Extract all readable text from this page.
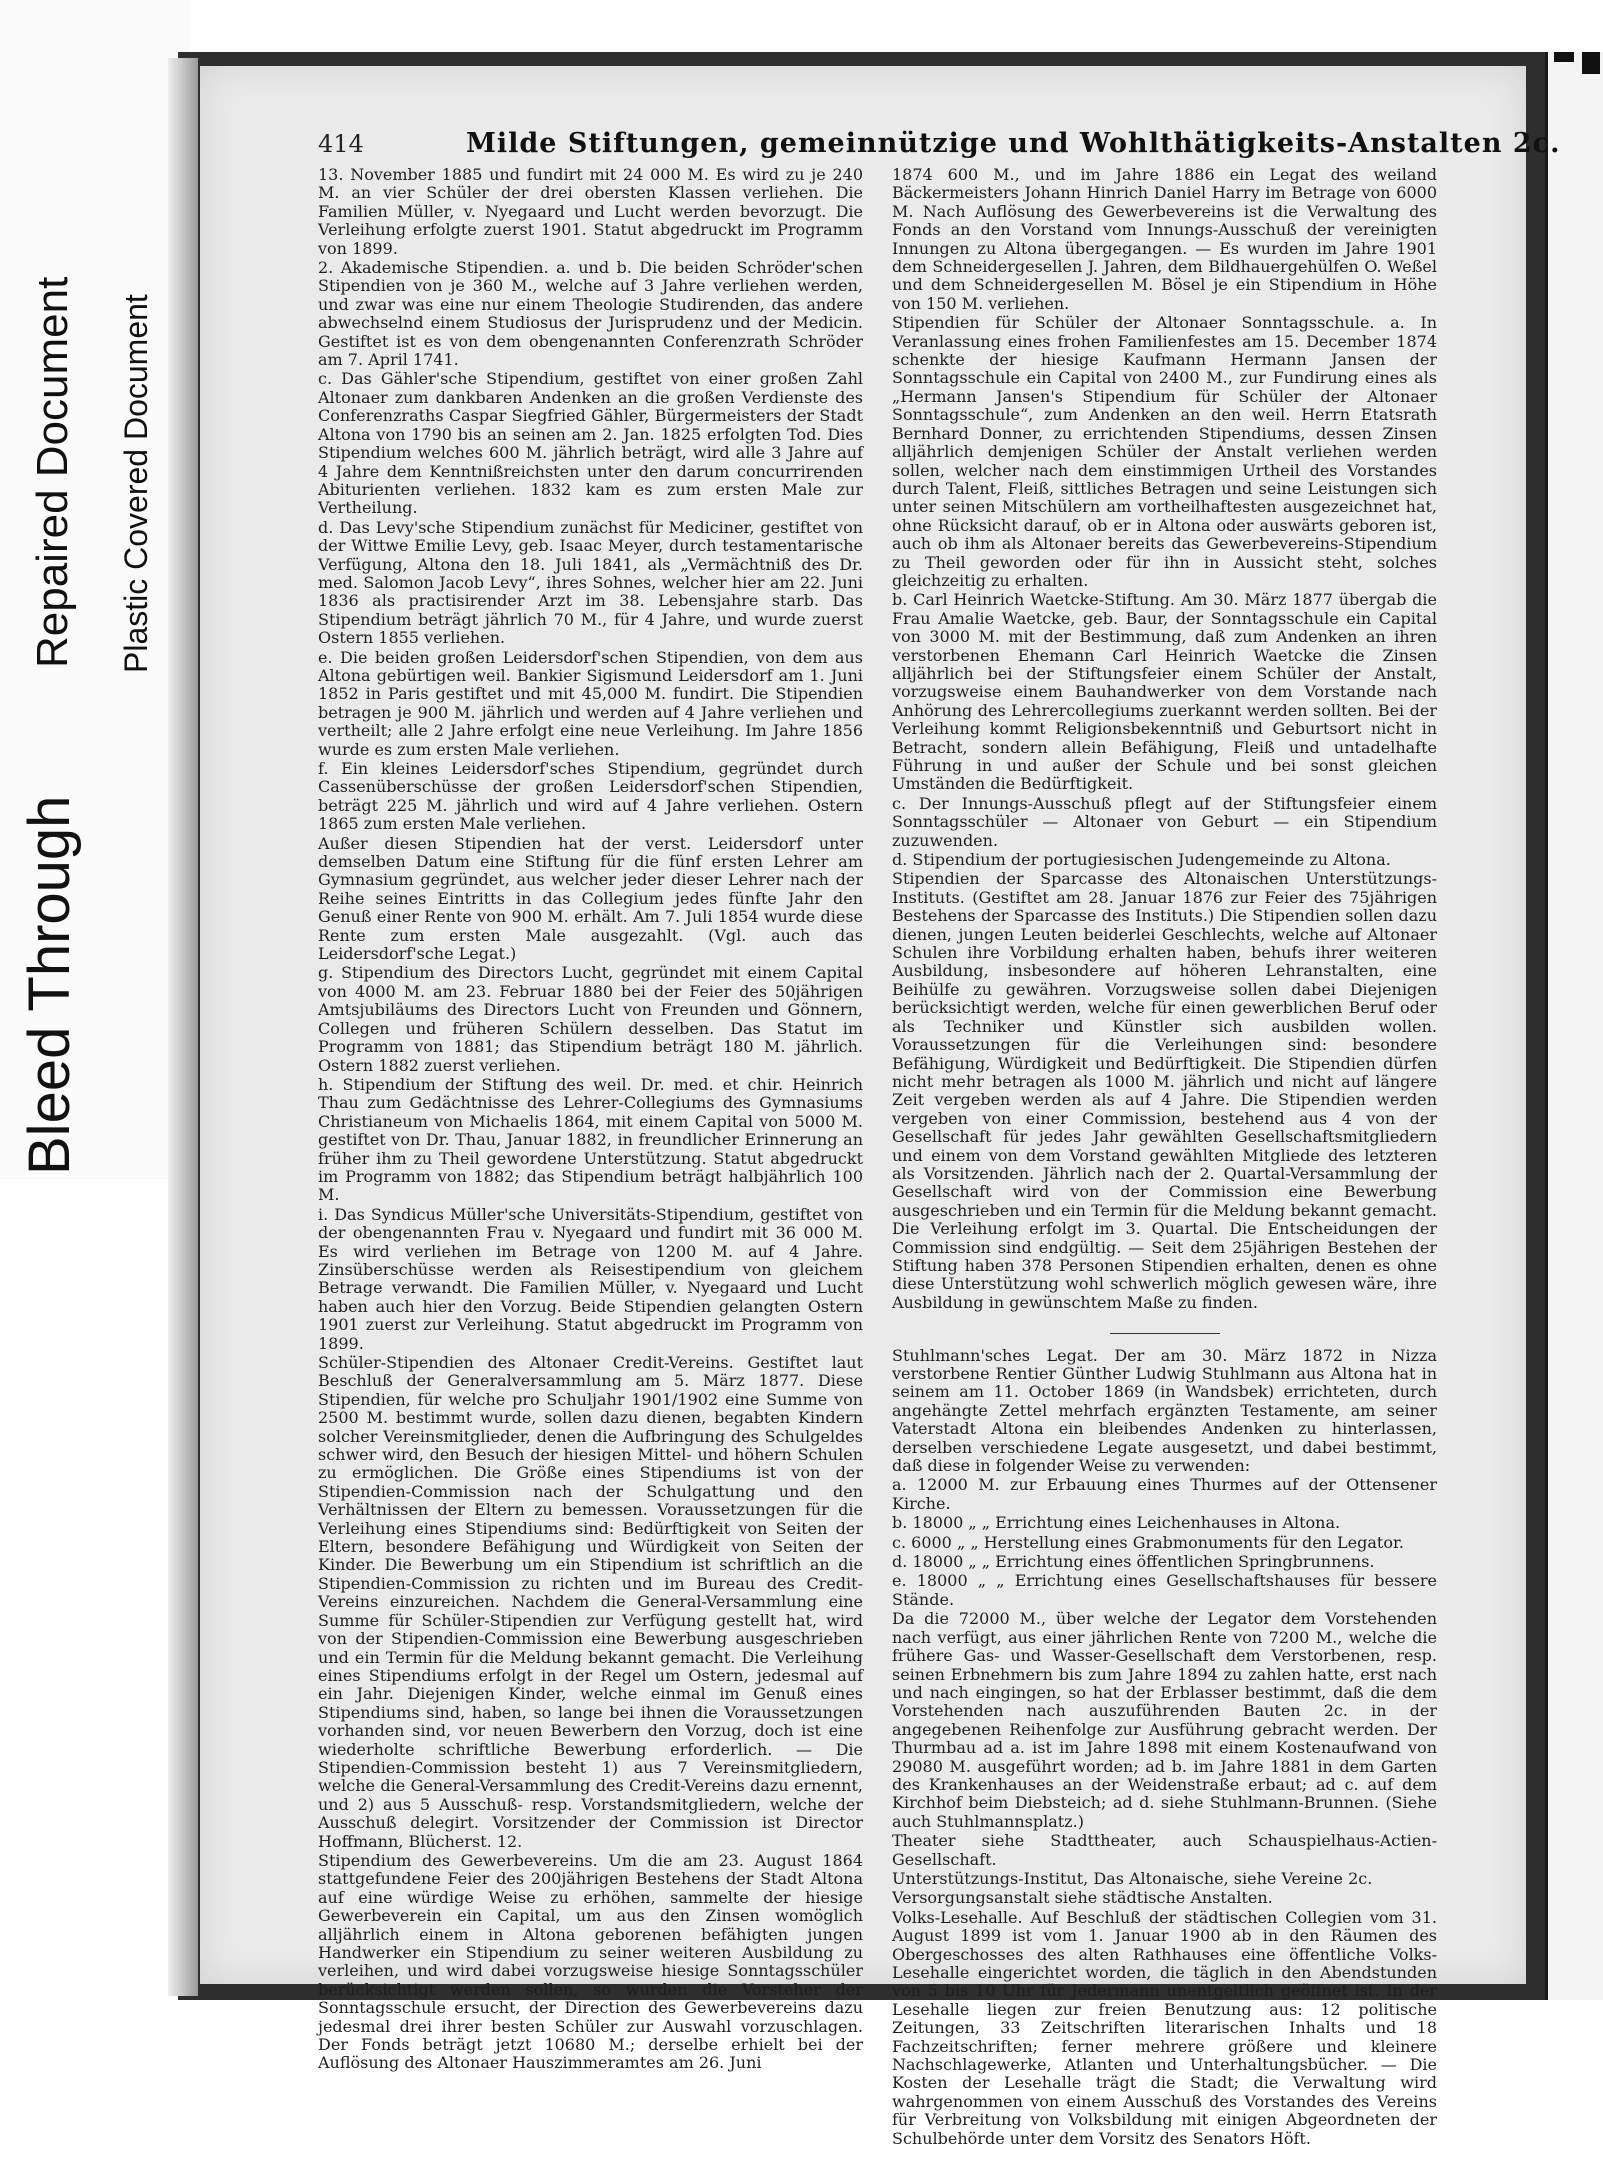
Bleed Through
Repaired Document Plastic Covered Document
414	Milde Stiftungen, gemeinnützige und Wohlthätigkeits-Anstalten 2c.

13. November 1885 und fundirt mit 24 000 M. Es wird zu je 240 M. an vier Schüler der drei obersten Klassen verliehen. Die Familien Müller, v. Nyegaard und Lucht werden bevorzugt. Die Verleihung erfolgte zuerst 1901. Statut abgedruckt im Programm von 1899.

2. Akademische Stipendien. a. und b. Die beiden Schröder'schen Stipendien von je 360 M., welche auf 3 Jahre verliehen werden, und zwar was eine nur einem Theologie Studirenden, das andere abwechselnd einem Studiosus der Jurisprudenz und der Medicin. Gestiftet ist es von dem obengenannten Conferenzrath Schröder am 7. April 1741.

c. Das Gähler'sche Stipendium, gestiftet von einer großen Zahl Altonaer zum dankbaren Andenken an die großen Verdienste des Conferenzraths Caspar Siegfried Gähler, Bürgermeisters der Stadt Altona von 1790 bis an seinen am 2. Jan. 1825 erfolgten Tod. Dies Stipendium welches 600 M. jährlich beträgt, wird alle 3 Jahre auf 4 Jahre dem Kenntnißreichsten unter den darum concurrirenden Abiturienten verliehen. 1832 kam es zum ersten Male zur Vertheilung.

d. Das Levy'sche Stipendium zunächst für Mediciner, gestiftet von der Wittwe Emilie Levy, geb. Isaac Meyer, durch testamentarische Verfügung, Altona den 18. Juli 1841, als „Vermächtniß des Dr. med. Salomon Jacob Levy“, ihres Sohnes, welcher hier am 22. Juni 1836 als practisirender Arzt im 38. Lebensjahre starb. Das Stipendium beträgt jährlich 70 M., für 4 Jahre, und wurde zuerst Ostern 1855 verliehen.

e. Die beiden großen Leidersdorf'schen Stipendien, von dem aus Altona gebürtigen weil. Bankier Sigismund Leidersdorf am 1. Juni 1852 in Paris gestiftet und mit 45,000 M. fundirt. Die Stipendien betragen je 900 M. jährlich und werden auf 4 Jahre verliehen und vertheilt; alle 2 Jahre erfolgt eine neue Verleihung. Im Jahre 1856 wurde es zum ersten Male verliehen.

f. Ein kleines Leidersdorf'sches Stipendium, gegründet durch Cassenüberschüsse der großen Leidersdorf'schen Stipendien, beträgt 225 M. jährlich und wird auf 4 Jahre verliehen. Ostern 1865 zum ersten Male verliehen.

Außer diesen Stipendien hat der verst. Leidersdorf unter demselben Datum eine Stiftung für die fünf ersten Lehrer am Gymnasium gegründet, aus welcher jeder dieser Lehrer nach der Reihe seines Eintritts in das Collegium jedes fünfte Jahr den Genuß einer Rente von 900 M. erhält. Am 7. Juli 1854 wurde diese Rente zum ersten Male ausgezahlt. (Vgl. auch das Leidersdorf'sche Legat.)

g. Stipendium des Directors Lucht, gegründet mit einem Capital von 4000 M. am 23. Februar 1880 bei der Feier des 50jährigen Amtsjubiläums des Directors Lucht von Freunden und Gönnern, Collegen und früheren Schülern desselben. Das Statut im Programm von 1881; das Stipendium beträgt 180 M. jährlich. Ostern 1882 zuerst verliehen.

h. Stipendium der Stiftung des weil. Dr. med. et chir. Heinrich Thau zum Gedächtnisse des Lehrer-Collegiums des Gymnasiums Christianeum von Michaelis 1864, mit einem Capital von 5000 M. gestiftet von Dr. Thau, Januar 1882, in freundlicher Erinnerung an früher ihm zu Theil gewordene Unterstützung. Statut abgedruckt im Programm von 1882; das Stipendium beträgt halbjährlich 100 M.

i. Das Syndicus Müller'sche Universitäts-Stipendium, gestiftet von der obengenannten Frau v. Nyegaard und fundirt mit 36 000 M. Es wird verliehen im Betrage von 1200 M. auf 4 Jahre. Zinsüberschüsse werden als Reisestipendium von gleichem Betrage verwandt. Die Familien Müller, v. Nyegaard und Lucht haben auch hier den Vorzug. Beide Stipendien gelangten Ostern 1901 zuerst zur Verleihung. Statut abgedruckt im Programm von 1899.

Schüler-Stipendien des Altonaer Credit-Vereins. Gestiftet laut Beschluß der Generalversammlung am 5. März 1877. Diese Stipendien, für welche pro Schuljahr 1901/1902 eine Summe von 2500 M. bestimmt wurde, sollen dazu dienen, begabten Kindern solcher Vereinsmitglieder, denen die Aufbringung des Schulgeldes schwer wird, den Besuch der hiesigen Mittel- und höhern Schulen zu ermöglichen. Die Größe eines Stipendiums ist von der Stipendien-Commission nach der Schulgattung und den Verhältnissen der Eltern zu bemessen. Voraussetzungen für die Verleihung eines Stipendiums sind: Bedürftigkeit von Seiten der Eltern, besondere Befähigung und Würdigkeit von Seiten der Kinder. Die Bewerbung um ein Stipendium ist schriftlich an die Stipendien-Commission zu richten und im Bureau des Credit-Vereins einzureichen. Nachdem die General-Versammlung eine Summe für Schüler-Stipendien zur Verfügung gestellt hat, wird von der Stipendien-Commission eine Bewerbung ausgeschrieben und ein Termin für die Meldung bekannt gemacht. Die Verleihung eines Stipendiums erfolgt in der Regel um Ostern, jedesmal auf ein Jahr. Diejenigen Kinder, welche einmal im Genuß eines Stipendiums sind, haben, so lange bei ihnen die Voraussetzungen vorhanden sind, vor neuen Bewerbern den Vorzug, doch ist eine wiederholte schriftliche Bewerbung erforderlich. — Die Stipendien-Commission besteht 1) aus 7 Vereinsmitgliedern, welche die General-Versammlung des Credit-Vereins dazu ernennt, und 2) aus 5 Ausschuß- resp. Vorstandsmitgliedern, welche der Ausschuß delegirt. Vorsitzender der Commission ist Director Hoffmann, Blücherst. 12.

Stipendium des Gewerbevereins. Um die am 23. August 1864 stattgefundene Feier des 200jährigen Bestehens der Stadt Altona auf eine würdige Weise zu erhöhen, sammelte der hiesige Gewerbeverein ein Capital, um aus den Zinsen womöglich alljährlich einem in Altona geborenen befähigten jungen Handwerker ein Stipendium zu seiner weiteren Ausbildung zu verleihen, und wird dabei vorzugsweise hiesige Sonntagsschüler berücksichtigt werden sollen, so wurden die Vorsteher der Sonntagsschule ersucht, der Direction des Gewerbevereins dazu jedesmal drei ihrer besten Schüler zur Auswahl vorzuschlagen. Der Fonds beträgt jetzt 10680 M.; derselbe erhielt bei der Auflösung des Altonaer Hauszimmeramtes am 26. Juni

1874 600 M., und im Jahre 1886 ein Legat des weiland Bäckermeisters Johann Hinrich Daniel Harry im Betrage von 6000 M. Nach Auflösung des Gewerbevereins ist die Verwaltung des Fonds an den Vorstand vom Innungs-Ausschuß der vereinigten Innungen zu Altona übergegangen. — Es wurden im Jahre 1901 dem Schneidergesellen J. Jahren, dem Bildhauergehülfen O. Weßel und dem Schneidergesellen M. Bösel je ein Stipendium in Höhe von 150 M. verliehen.

Stipendien für Schüler der Altonaer Sonntagsschule. a. In Veranlassung eines frohen Familienfestes am 15. December 1874 schenkte der hiesige Kaufmann Hermann Jansen der Sonntagsschule ein Capital von 2400 M., zur Fundirung eines als „Hermann Jansen's Stipendium für Schüler der Altonaer Sonntagsschule“, zum Andenken an den weil. Herrn Etatsrath Bernhard Donner, zu errichtenden Stipendiums, dessen Zinsen alljährlich demjenigen Schüler der Anstalt verliehen werden sollen, welcher nach dem einstimmigen Urtheil des Vorstandes durch Talent, Fleiß, sittliches Betragen und seine Leistungen sich unter seinen Mitschülern am vortheilhaftesten ausgezeichnet hat, ohne Rücksicht darauf, ob er in Altona oder auswärts geboren ist, auch ob ihm als Altonaer bereits das Gewerbevereins-Stipendium zu Theil geworden oder für ihn in Aussicht steht, solches gleichzeitig zu erhalten.

b. Carl Heinrich Waetcke-Stiftung. Am 30. März 1877 übergab die Frau Amalie Waetcke, geb. Baur, der Sonntagsschule ein Capital von 3000 M. mit der Bestimmung, daß zum Andenken an ihren verstorbenen Ehemann Carl Heinrich Waetcke die Zinsen alljährlich bei der Stiftungsfeier einem Schüler der Anstalt, vorzugsweise einem Bauhandwerker von dem Vorstande nach Anhörung des Lehrercollegiums zuerkannt werden sollten. Bei der Verleihung kommt Religionsbekenntniß und Geburtsort nicht in Betracht, sondern allein Befähigung, Fleiß und untadelhafte Führung in und außer der Schule und bei sonst gleichen Umständen die Bedürftigkeit.

c. Der Innungs-Ausschuß pflegt auf der Stiftungsfeier einem Sonntagsschüler — Altonaer von Geburt — ein Stipendium zuzuwenden.

d. Stipendium der portugiesischen Judengemeinde zu Altona.

Stipendien der Sparcasse des Altonaischen Unterstützungs-Instituts. (Gestiftet am 28. Januar 1876 zur Feier des 75jährigen Bestehens der Sparcasse des Instituts.) Die Stipendien sollen dazu dienen, jungen Leuten beiderlei Geschlechts, welche auf Altonaer Schulen ihre Vorbildung erhalten haben, behufs ihrer weiteren Ausbildung, insbesondere auf höheren Lehranstalten, eine Beihülfe zu gewähren. Vorzugsweise sollen dabei Diejenigen berücksichtigt werden, welche für einen gewerblichen Beruf oder als Techniker und Künstler sich ausbilden wollen. Voraussetzungen für die Verleihungen sind: besondere Befähigung, Würdigkeit und Bedürftigkeit. Die Stipendien dürfen nicht mehr betragen als 1000 M. jährlich und nicht auf längere Zeit vergeben werden als auf 4 Jahre. Die Stipendien werden vergeben von einer Commission, bestehend aus 4 von der Gesellschaft für jedes Jahr gewählten Gesellschaftsmitgliedern und einem von dem Vorstand gewählten Mitgliede des letzteren als Vorsitzenden. Jährlich nach der 2. Quartal-Versammlung der Gesellschaft wird von der Commission eine Bewerbung ausgeschrieben und ein Termin für die Meldung bekannt gemacht. Die Verleihung erfolgt im 3. Quartal. Die Entscheidungen der Commission sind endgültig. — Seit dem 25jährigen Bestehen der Stiftung haben 378 Personen Stipendien erhalten, denen es ohne diese Unterstützung wohl schwerlich möglich gewesen wäre, ihre Ausbildung in gewünschtem Maße zu finden.

Stuhlmann'sches Legat. Der am 30. März 1872 in Nizza verstorbene Rentier Günther Ludwig Stuhlmann aus Altona hat in seinem am 11. October 1869 (in Wandsbek) errichteten, durch angehängte Zettel mehrfach ergänzten Testamente, am seiner Vaterstadt Altona ein bleibendes Andenken zu hinterlassen, derselben verschiedene Legate ausgesetzt, und dabei bestimmt, daß diese in folgender Weise zu verwenden:

a. 12000 M. zur Erbauung eines Thurmes auf der Ottensener Kirche.

b. 18000 „ „ Errichtung eines Leichenhauses in Altona.

c. 6000 „ „ Herstellung eines Grabmonuments für den Legator.

d. 18000 „ „ Errichtung eines öffentlichen Springbrunnens.

e. 18000 „ „ Errichtung eines Gesellschaftshauses für bessere Stände.

Da die 72000 M., über welche der Legator dem Vorstehenden nach verfügt, aus einer jährlichen Rente von 7200 M., welche die frühere Gas- und Wasser-Gesellschaft dem Verstorbenen, resp. seinen Erbnehmern bis zum Jahre 1894 zu zahlen hatte, erst nach und nach eingingen, so hat der Erblasser bestimmt, daß die dem Vorstehenden nach auszuführenden Bauten 2c. in der angegebenen Reihenfolge zur Ausführung gebracht werden. Der Thurmbau ad a. ist im Jahre 1898 mit einem Kostenaufwand von 29080 M. ausgeführt worden; ad b. im Jahre 1881 in dem Garten des Krankenhauses an der Weidenstraße erbaut; ad c. auf dem Kirchhof beim Diebsteich; ad d. siehe Stuhlmann-Brunnen. (Siehe auch Stuhlmannsplatz.)

Theater siehe Stadttheater, auch Schauspielhaus-Actien-Gesellschaft.

Unterstützungs-Institut, Das Altonaische, siehe Vereine 2c.

Versorgungsanstalt siehe städtische Anstalten.

Volks-Lesehalle. Auf Beschluß der städtischen Collegien vom 31. August 1899 ist vom 1. Januar 1900 ab in den Räumen des Obergeschosses des alten Rathhauses eine öffentliche Volks-Lesehalle eingerichtet worden, die täglich in den Abendstunden von 5 bis 10 Uhr für Jedermann unentgeltlich geöffnet ist. In der Lesehalle liegen zur freien Benutzung aus: 12 politische Zeitungen, 33 Zeitschriften literarischen Inhalts und 18 Fachzeitschriften; ferner mehrere größere und kleinere Nachschlagewerke, Atlanten und Unterhaltungsbücher. — Die Kosten der Lesehalle trägt die Stadt; die Verwaltung wird wahrgenommen von einem Ausschuß des Vorstandes des Vereins für Verbreitung von Volksbildung mit einigen Abgeordneten der Schulbehörde unter dem Vorsitz des Senators Höft.
